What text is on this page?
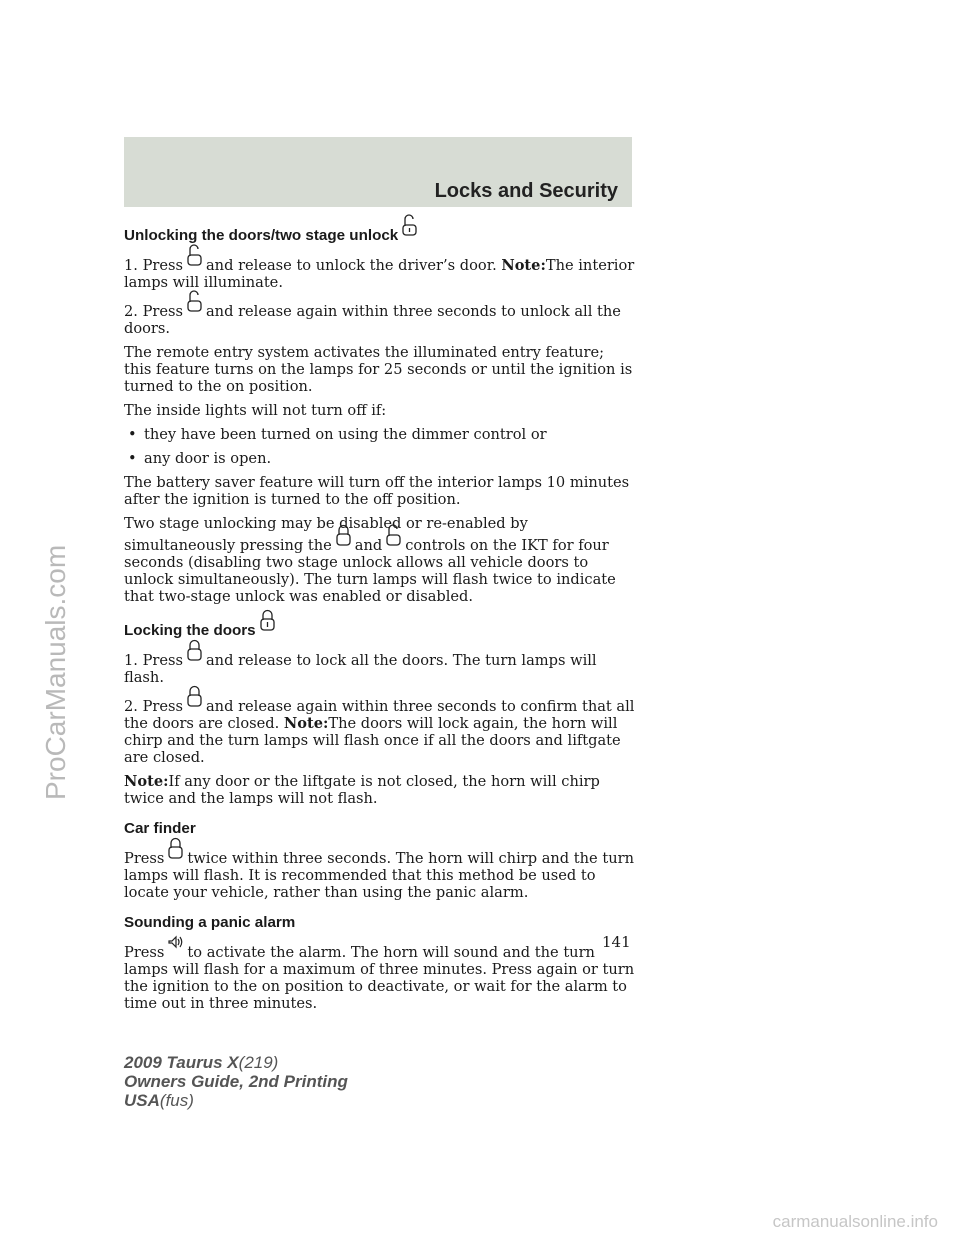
Locks and Security
Unlocking the doors/two stage unlock

1. Press and release to unlock the driver’s door. Note:The interior lamps will illuminate.

2. Press and release again within three seconds to unlock all the doors.

The remote entry system activates the illuminated entry feature; this feature turns on the lamps for 25 seconds or until the ignition is turned to the on position.

The inside lights will not turn off if:

• they have been turned on using the dimmer control or
• any door is open.

The battery saver feature will turn off the interior lamps 10 minutes after the ignition is turned to the off position.

Two stage unlocking may be disabled or re-enabled by simultaneously pressing the and controls on the IKT for four seconds (disabling two stage unlock allows all vehicle doors to unlock simultaneously). The turn lamps will flash twice to indicate that two-stage unlock was enabled or disabled.

Locking the doors

1. Press and release to lock all the doors. The turn lamps will flash.

2. Press and release again within three seconds to confirm that all the doors are closed. Note:The doors will lock again, the horn will chirp and the turn lamps will flash once if all the doors and liftgate are closed.

Note:If any door or the liftgate is not closed, the horn will chirp twice and the lamps will not flash.

Car finder

Press twice within three seconds. The horn will chirp and the turn lamps will flash. It is recommended that this method be used to locate your vehicle, rather than using the panic alarm.

Sounding a panic alarm

Press to activate the alarm. The horn will sound and the turn lamps will flash for a maximum of three minutes. Press again or turn the ignition to the on position to deactivate, or wait for the alarm to time out in three minutes.

141
2009 Taurus X(219)
Owners Guide, 2nd Printing
USA(fus)
ProCarManuals.com
carmanualsonline.info
